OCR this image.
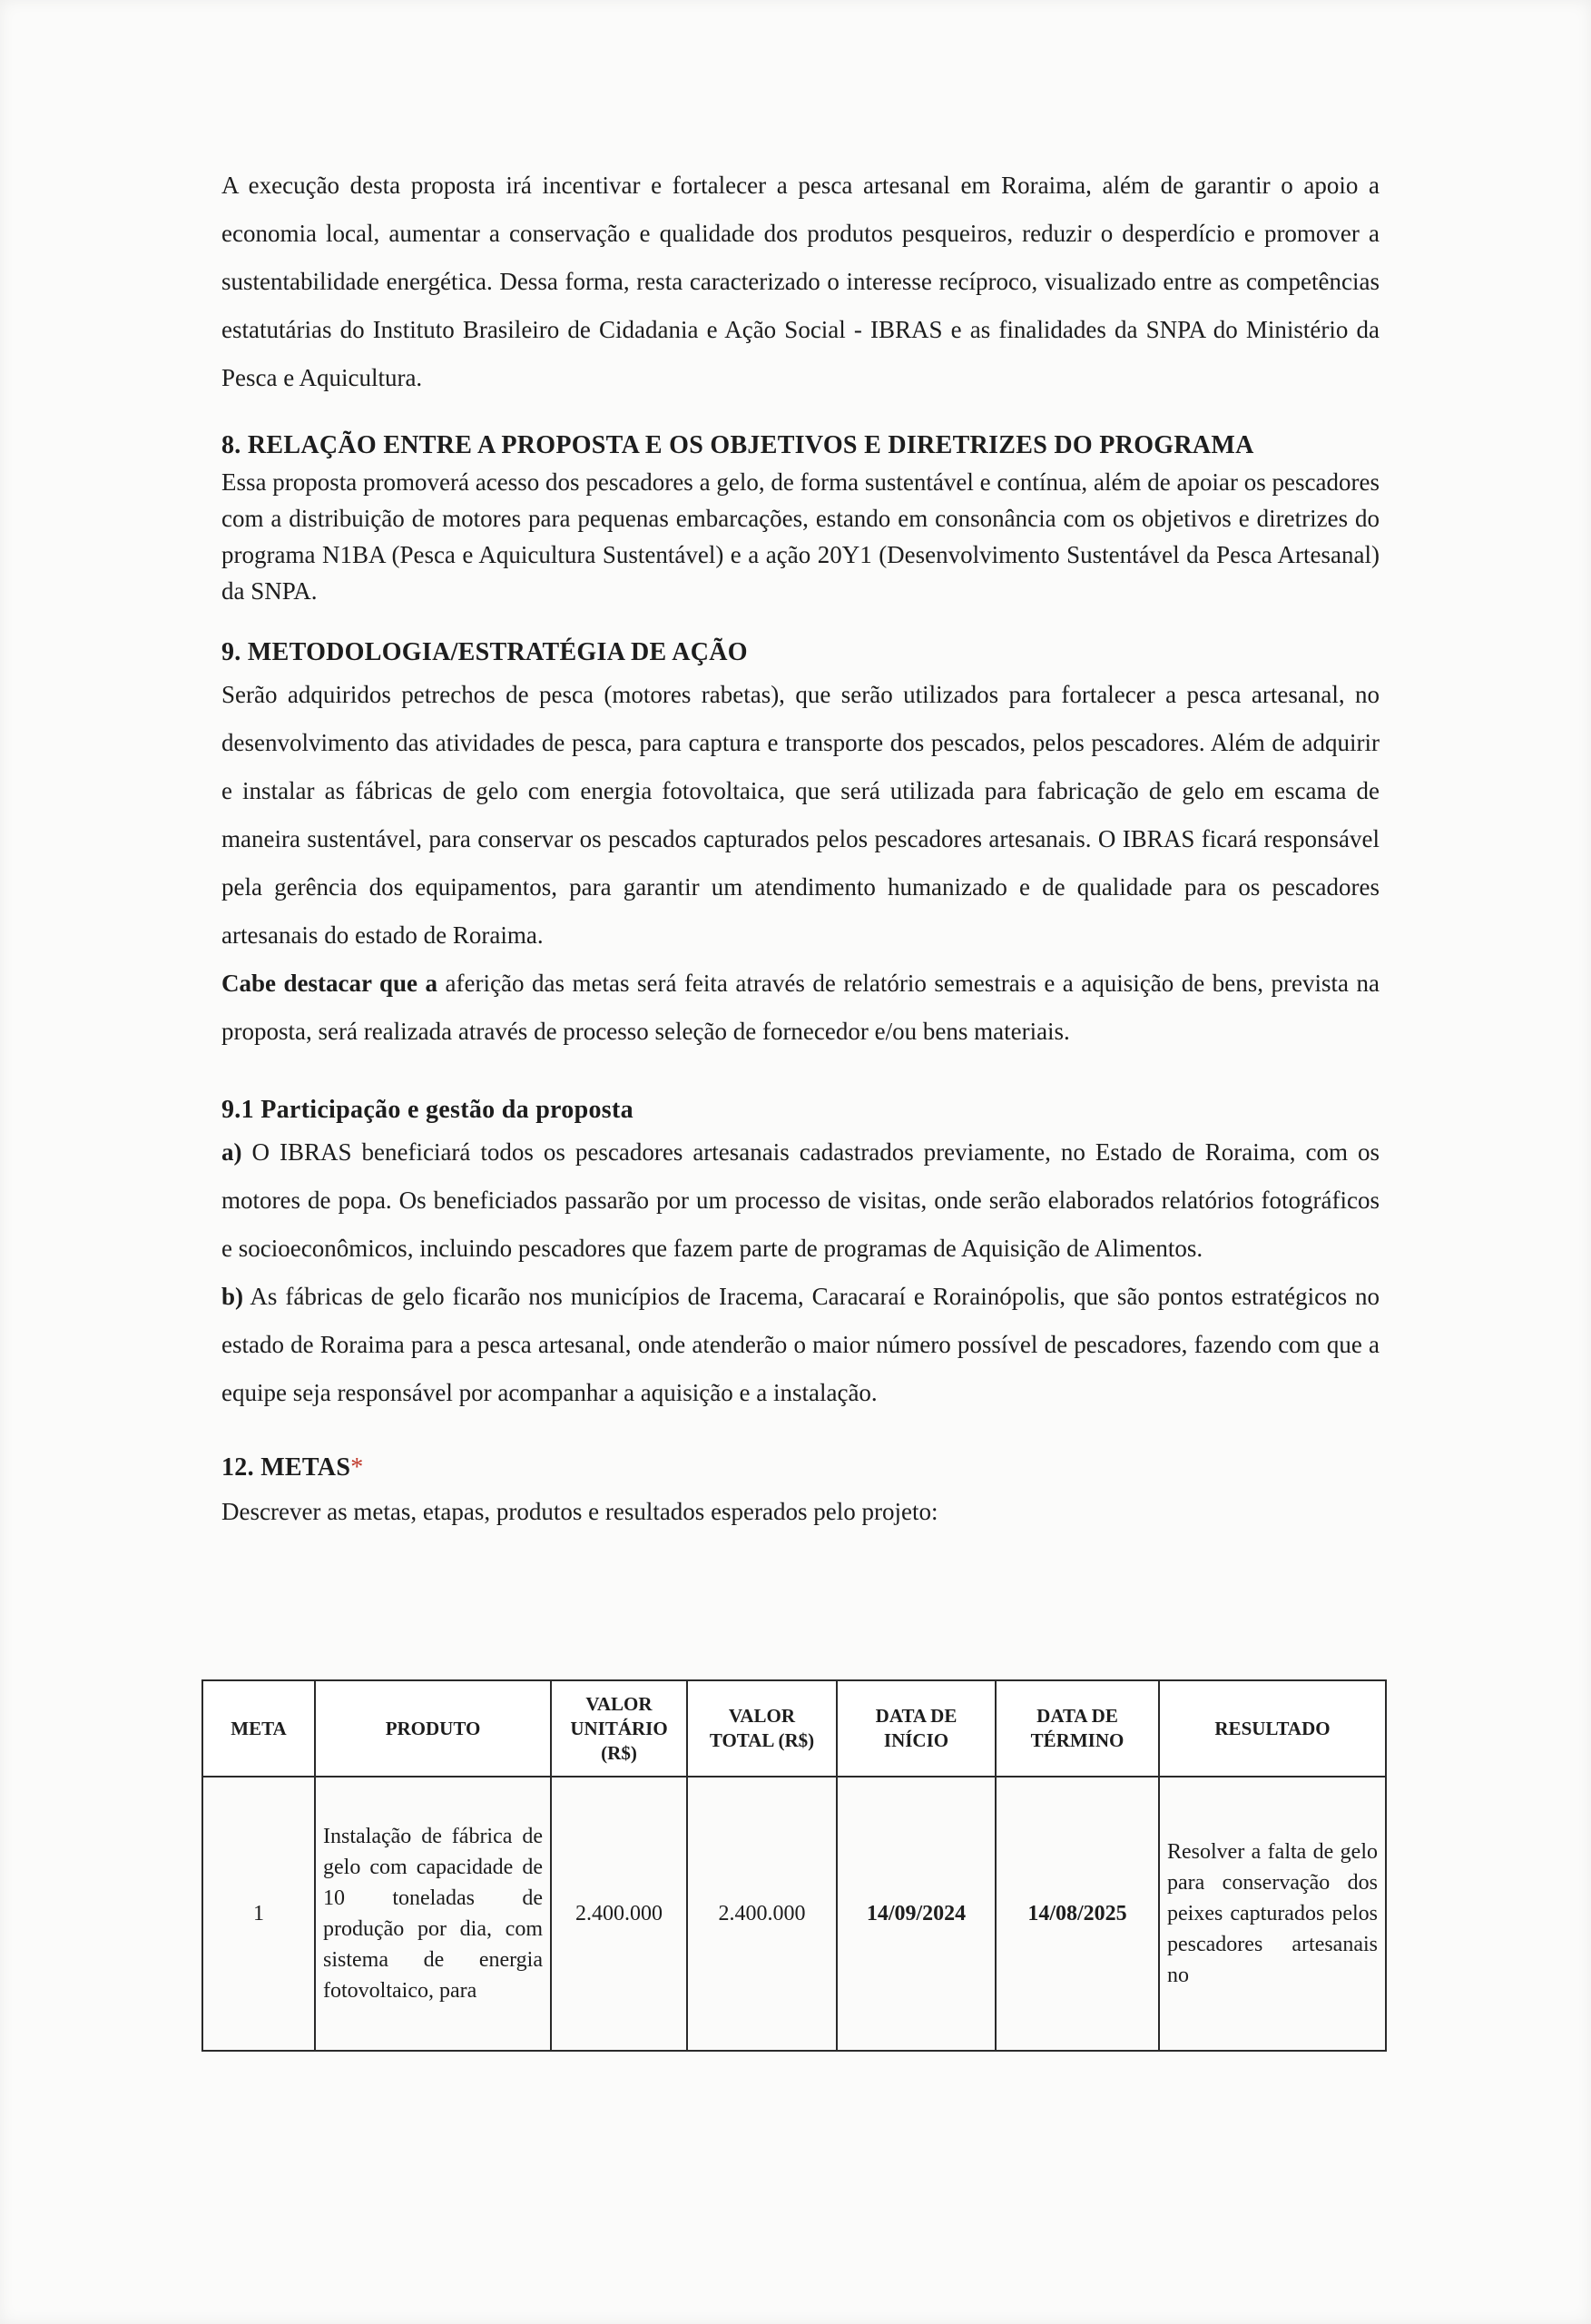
A execução desta proposta irá incentivar e fortalecer a pesca artesanal em Roraima, além de garantir o apoio a economia local, aumentar a conservação e qualidade dos produtos pesqueiros, reduzir o desperdício e promover a sustentabilidade energética. Dessa forma, resta caracterizado o interesse recíproco, visualizado entre as competências estatutárias do Instituto Brasileiro de Cidadania e Ação Social - IBRAS e as finalidades da SNPA do Ministério da Pesca e Aquicultura.

8. RELAÇÃO ENTRE A PROPOSTA E OS OBJETIVOS E DIRETRIZES DO PROGRAMA

Essa proposta promoverá acesso dos pescadores a gelo, de forma sustentável e contínua, além de apoiar os pescadores com a distribuição de motores para pequenas embarcações, estando em consonância com os objetivos e diretrizes do programa N1BA (Pesca e Aquicultura Sustentável) e a ação 20Y1 (Desenvolvimento Sustentável da Pesca Artesanal) da SNPA.

9. METODOLOGIA/ESTRATÉGIA DE AÇÃO

Serão adquiridos petrechos de pesca (motores rabetas), que serão utilizados para fortalecer a pesca artesanal, no desenvolvimento das atividades de pesca, para captura e transporte dos pescados, pelos pescadores. Além de adquirir e instalar as fábricas de gelo com energia fotovoltaica, que será utilizada para fabricação de gelo em escama de maneira sustentável, para conservar os pescados capturados pelos pescadores artesanais. O IBRAS ficará responsável pela gerência dos equipamentos, para garantir um atendimento humanizado e de qualidade para os pescadores artesanais do estado de Roraima.

Cabe destacar que a aferição das metas será feita através de relatório semestrais e a aquisição de bens, prevista na proposta, será realizada através de processo seleção de fornecedor e/ou bens materiais.

9.1 Participação e gestão da proposta

a) O IBRAS beneficiará todos os pescadores artesanais cadastrados previamente, no Estado de Roraima, com os motores de popa. Os beneficiados passarão por um processo de visitas, onde serão elaborados relatórios fotográficos e socioeconômicos, incluindo pescadores que fazem parte de programas de Aquisição de Alimentos.

b) As fábricas de gelo ficarão nos municípios de Iracema, Caracaraí e Rorainópolis, que são pontos estratégicos no estado de Roraima para a pesca artesanal, onde atenderão o maior número possível de pescadores, fazendo com que a equipe seja responsável por acompanhar a aquisição e a instalação.

12. METAS*

Descrever as metas, etapas, produtos e resultados esperados pelo projeto:

META	PRODUTO	VALOR UNITÁRIO (R$)	VALOR TOTAL (R$)	DATA DE INÍCIO	DATA DE TÉRMINO	RESULTADO
1	Instalação de fábrica de gelo com capacidade de 10 toneladas de produção por dia, com sistema de energia fotovoltaico, para	2.400.000	2.400.000	14/09/2024	14/08/2025	Resolver a falta de gelo para conservação dos peixes capturados pelos pescadores artesanais no
